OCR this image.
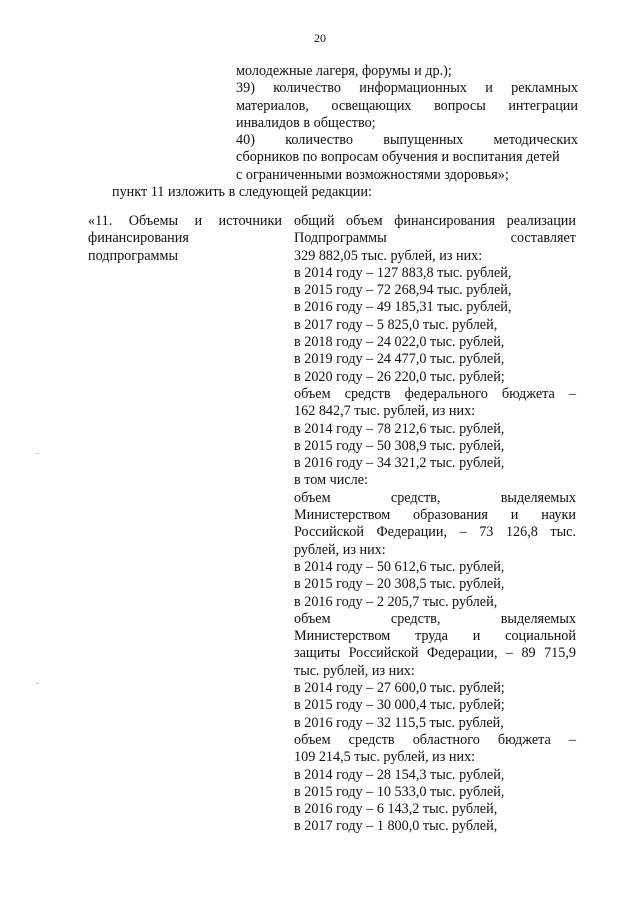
20
молодежные лагеря, форумы и др.);
39) количество информационных и рекламных
материалов, освещающих вопросы интеграции
инвалидов в общество;
40) количество выпущенных методических
сборников по вопросам обучения и воспитания детей
с ограниченными возможностями здоровья»;
пункт 11 изложить в следующей редакции:
«11. Объемы и источники
финансирования
подпрограммы
общий объем финансирования реализации
Подпрограммы составляет
329 882,05 тыс. рублей, из них:
в 2014 году – 127 883,8 тыс. рублей,
в 2015 году – 72 268,94 тыс. рублей,
в 2016 году – 49 185,31 тыс. рублей,
в 2017 году – 5 825,0 тыс. рублей,
в 2018 году – 24 022,0 тыс. рублей,
в 2019 году – 24 477,0 тыс. рублей,
в 2020 году – 26 220,0 тыс. рублей;
объем средств федерального бюджета –
162 842,7 тыс. рублей, из них:
в 2014 году – 78 212,6 тыс. рублей,
в 2015 году – 50 308,9 тыс. рублей,
в 2016 году – 34 321,2 тыс. рублей,
в том числе:
объем средств, выделяемых
Министерством образования и науки
Российской Федерации, – 73 126,8 тыс.
рублей, из них:
в 2014 году – 50 612,6 тыс. рублей,
в 2015 году – 20 308,5 тыс. рублей,
в 2016 году – 2 205,7 тыс. рублей,
объем средств, выделяемых
Министерством труда и социальной
защиты Российской Федерации, – 89 715,9
тыс. рублей, из них:
в 2014 году – 27 600,0 тыс. рублей;
в 2015 году – 30 000,4 тыс. рублей;
в 2016 году – 32 115,5 тыс. рублей,
объем средств областного бюджета –
109 214,5 тыс. рублей, из них:
в 2014 году – 28 154,3 тыс. рублей,
в 2015 году – 10 533,0 тыс. рублей,
в 2016 году – 6 143,2 тыс. рублей,
в 2017 году – 1 800,0 тыс. рублей,
